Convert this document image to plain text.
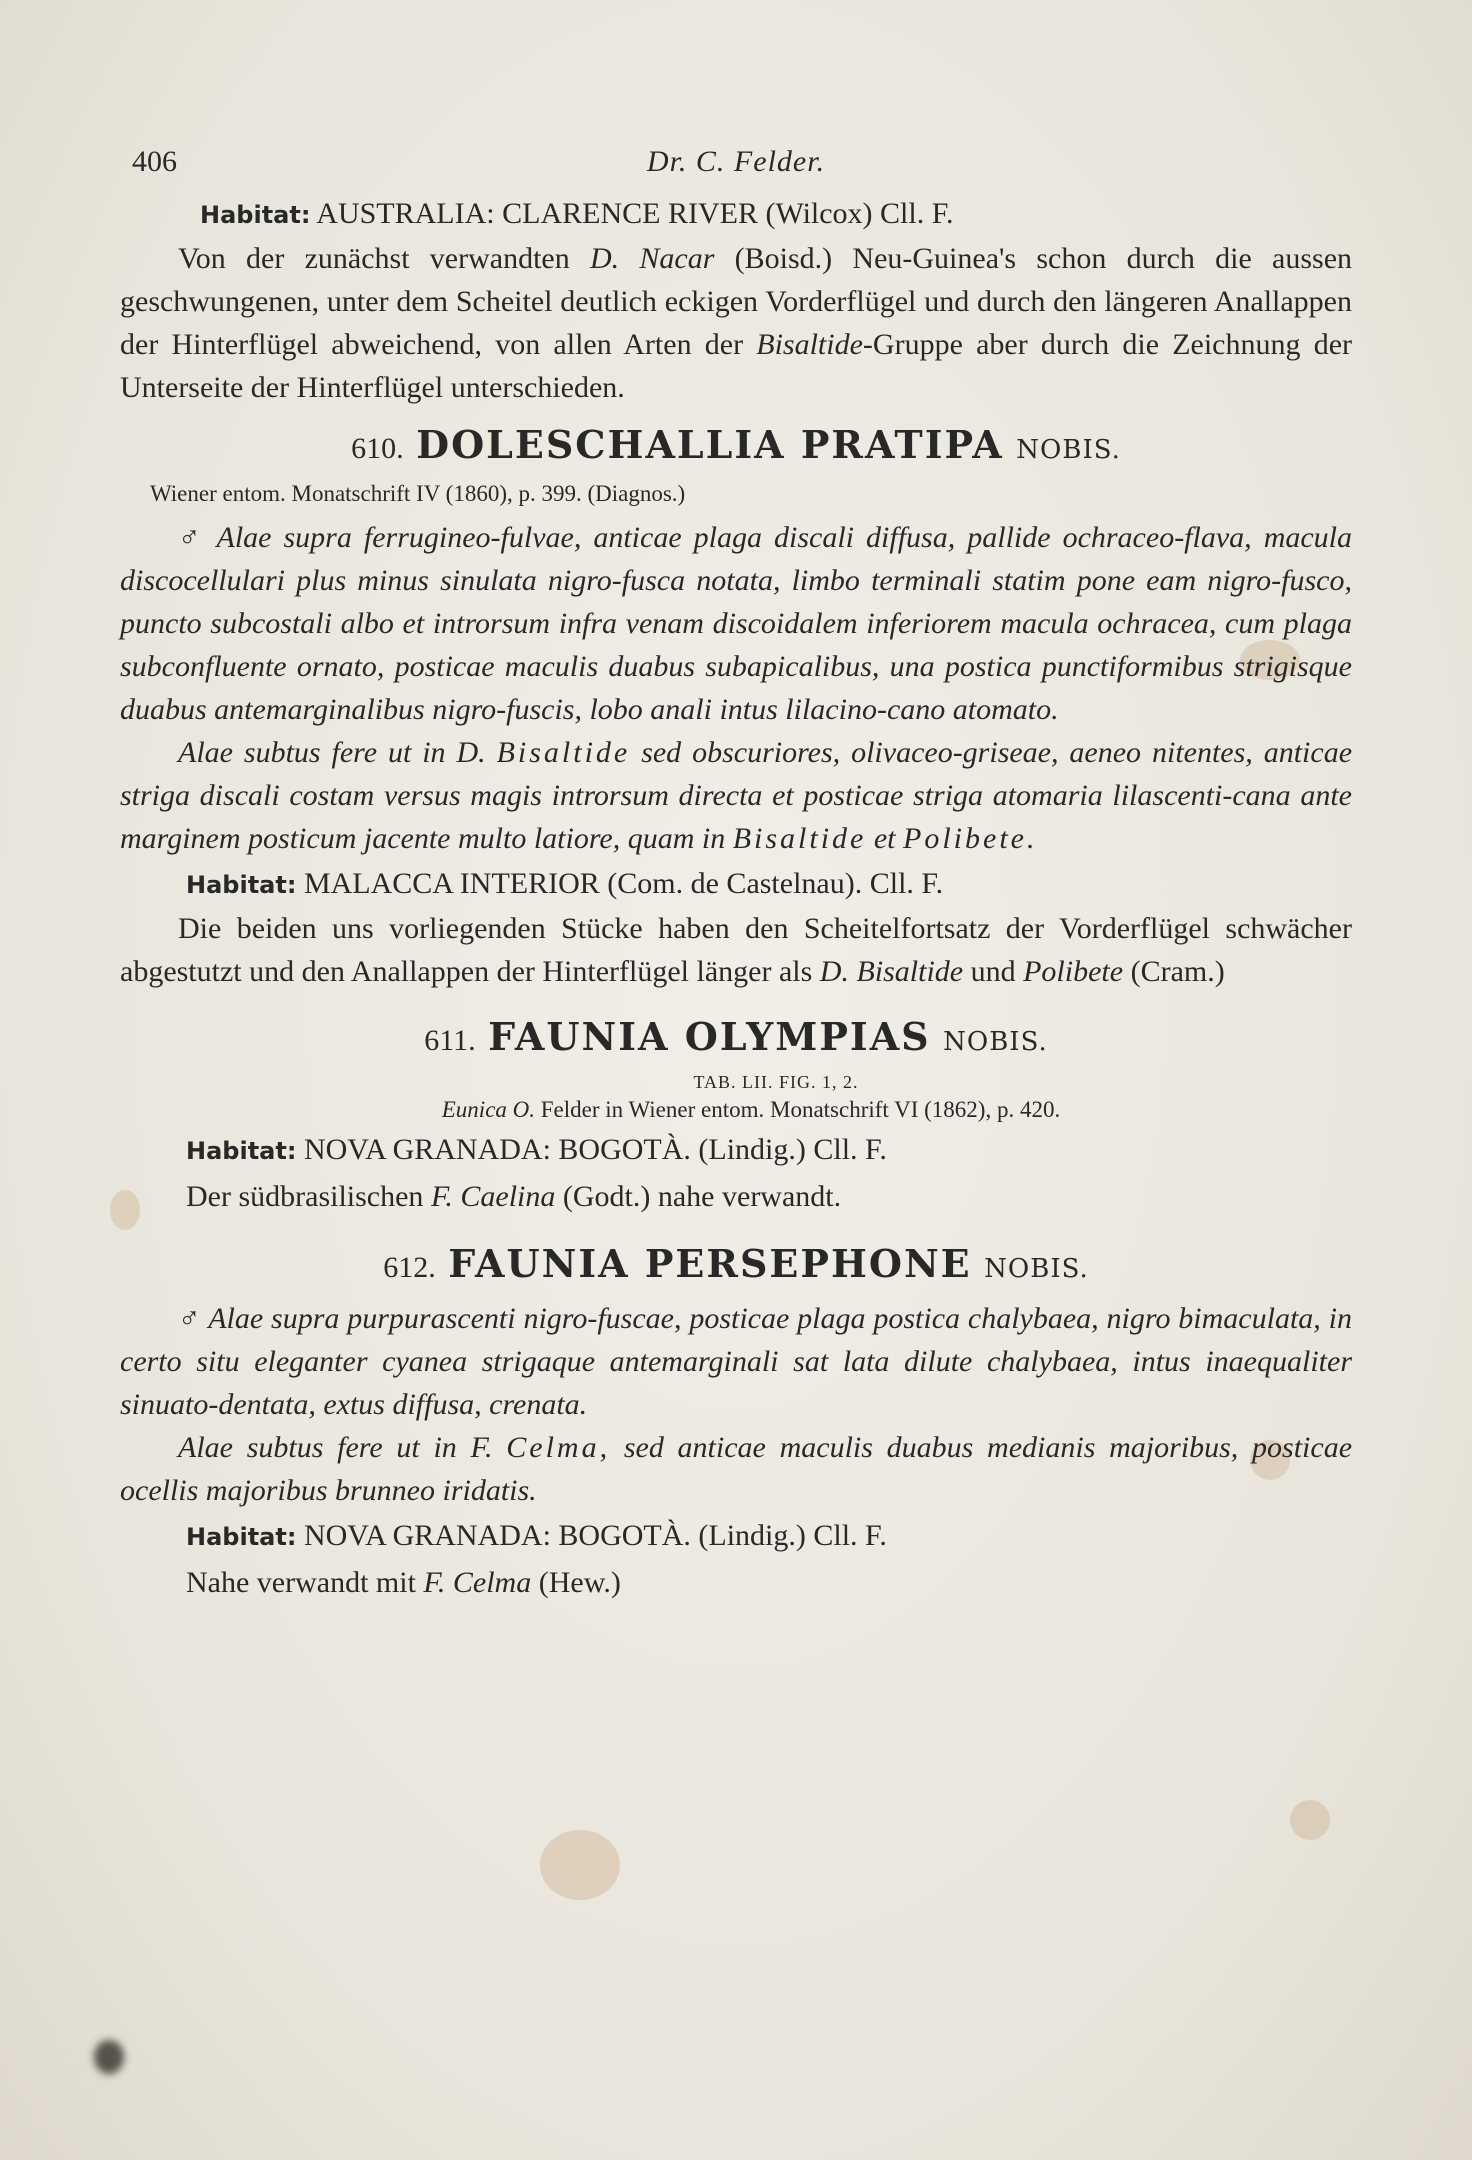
406	Dr. C. Felder.

Habitat: AUSTRALIA: CLARENCE RIVER (Wilcox) Cll. F.

Von der zunächst verwandten D. Nacar (Boisd.) Neu-Guinea's schon durch die aussen geschwungenen, unter dem Scheitel deutlich eckigen Vorderflügel und durch den längeren Anallappen der Hinterflügel abweichend, von allen Arten der Bisaltide-Gruppe aber durch die Zeichnung der Unterseite der Hinterflügel unterschieden.

610. DOLESCHALLIA PRATIPA NOBIS.

Wiener entom. Monatschrift IV (1860), p. 399. (Diagnos.)

♂ Alae supra ferrugineo-fulvae, anticae plaga discali diffusa, pallide ochraceo-flava, macula discocellulari plus minus sinulata nigro-fusca notata, limbo terminali statim pone eam nigro-fusco, puncto subcostali albo et introrsum infra venam discoidalem inferiorem macula ochracea, cum plaga subconfluente ornato, posticae maculis duabus subapicalibus, una postica punctiformibus strigisque duabus antemarginalibus nigro-fuscis, lobo anali intus lilacino-cano atomato.

Alae subtus fere ut in D. Bisaltide sed obscuriores, olivaceo-griseae, aeneo nitentes, anticae striga discali costam versus magis introrsum directa et posticae striga atomaria lilascenti-cana ante marginem posticum jacente multo latiore, quam in Bisaltide et Polibete.

Habitat: MALACCA INTERIOR (Com. de Castelnau). Cll. F.

Die beiden uns vorliegenden Stücke haben den Scheitelfortsatz der Vorderflügel schwächer abgestutzt und den Anallappen der Hinterflügel länger als D. Bisaltide und Polibete (Cram.)

611. FAUNIA OLYMPIAS NOBIS.
TAB. LII. FIG. 1, 2.

Eunica O. Felder in Wiener entom. Monatschrift VI (1862), p. 420.

Habitat: NOVA GRANADA: BOGOTÀ. (Lindig.) Cll. F.

Der südbrasilischen F. Caelina (Godt.) nahe verwandt.

612. FAUNIA PERSEPHONE NOBIS.

♂ Alae supra purpurascenti nigro-fuscae, posticae plaga postica chalybaea, nigro bimaculata, in certo situ eleganter cyanea strigaque antemarginali sat lata dilute chalybaea, intus inaequaliter sinuato-dentata, extus diffusa, crenata.

Alae subtus fere ut in F. Celma, sed anticae maculis duabus medianis majoribus, posticae ocellis majoribus brunneo iridatis.

Habitat: NOVA GRANADA: BOGOTÀ. (Lindig.) Cll. F.

Nahe verwandt mit F. Celma (Hew.)
